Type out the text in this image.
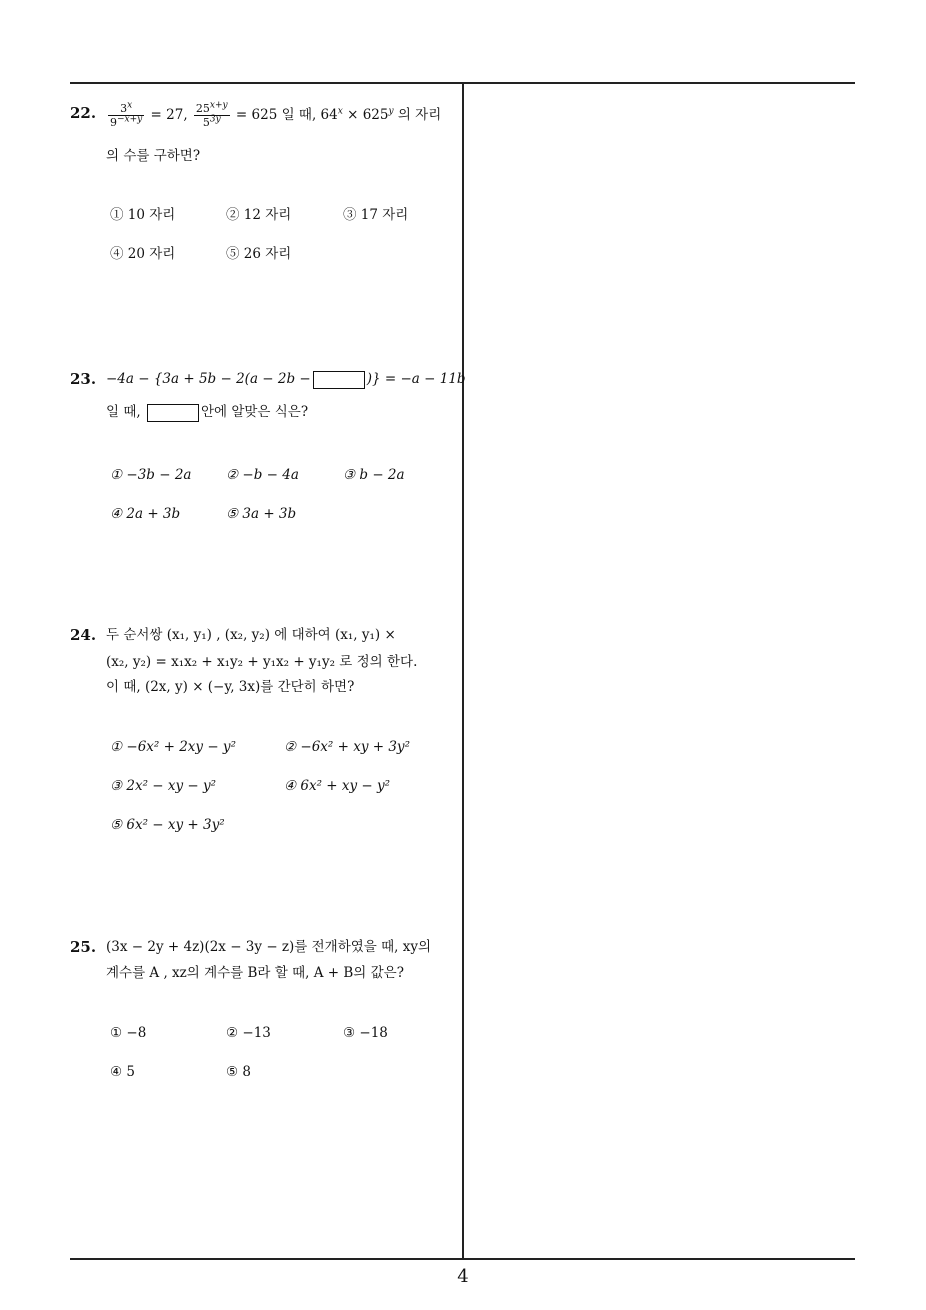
22. $\frac{3^x}{9^{-x+y}} = 27$, $\frac{25^{x+y}}{5^{3y}} = 625$ 일 때, $64^x \times 625^y$ 의 자리
의 수를 구하면?
① 10 자리	② 12 자리	③ 17 자리
④ 20 자리	⑤ 26 자리
23. −4a − {3a + 5b − 2(a − 2b −	)} = −a − 11b
일 때,	안에 알맞은 식은?
① −3b − 2a	② −b − 4a	③ b − 2a
④ 2a + 3b	⑤ 3a + 3b
24. 두 순서쌍 (x₁, y₁) , (x₂, y₂) 에 대하여 (x₁, y₁) ×
(x₂, y₂) = x₁x₂ + x₁y₂ + y₁x₂ + y₁y₂ 로 정의 한다.
이 때, (2x, y) × (−y, 3x)를 간단히 하면?
① −6x² + 2xy − y²	② −6x² + xy + 3y²
③ 2x² − xy − y²	④ 6x² + xy − y²
⑤ 6x² − xy + 3y²
25. (3x − 2y + 4z)(2x − 3y − z)를 전개하였을 때, xy의
계수를 A , xz의 계수를 B라 할 때, A + B의 값은?
① −8	② −13	③ −18
④ 5	⑤ 8
4
